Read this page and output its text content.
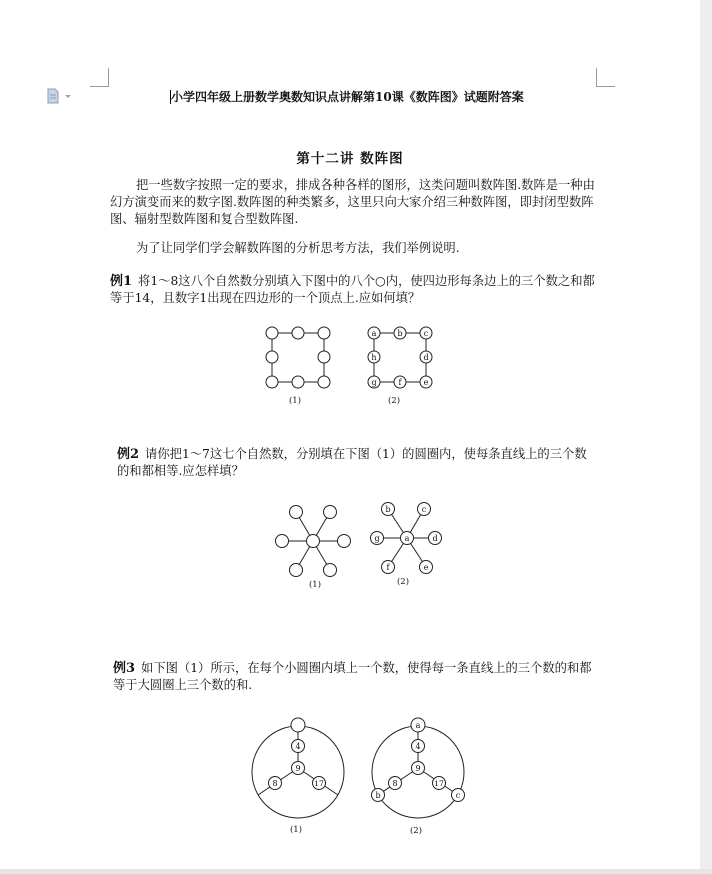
小学四年级上册数学奥数知识点讲解第10课《数阵图》试题附答案
第十二讲 数阵图
把一些数字按照一定的要求，排成各种各样的图形，这类问题叫数阵图.数阵是一种由幻方演变而来的数字图.数阵图的种类繁多，这里只向大家介绍三种数阵图，即封闭型数阵图、辐射型数阵图和复合型数阵图.
为了让同学们学会解数阵图的分析思考方法，我们举例说明.
例1 将1～8这八个自然数分别填入下图中的八个○内，使四边形每条边上的三个数之和都等于14，且数字1出现在四边形的一个顶点上.应如何填？
a	b	c
h	d
g	f	e
(1)	(2)
例2 请你把1～7这七个自然数，分别填在下图（1）的圆圈内，使每条直线上的三个数的和都相等.应怎样填？
a
b	c
g	d
f	e
(1)	(2)
例3 如下图（1）所示，在每个小圆圈内填上一个数，使得每一条直线上的三个数的和都等于大圆圈上三个数的和.
4
9
8	17
a
4
9
8	17
b	c
(1)	(2)
